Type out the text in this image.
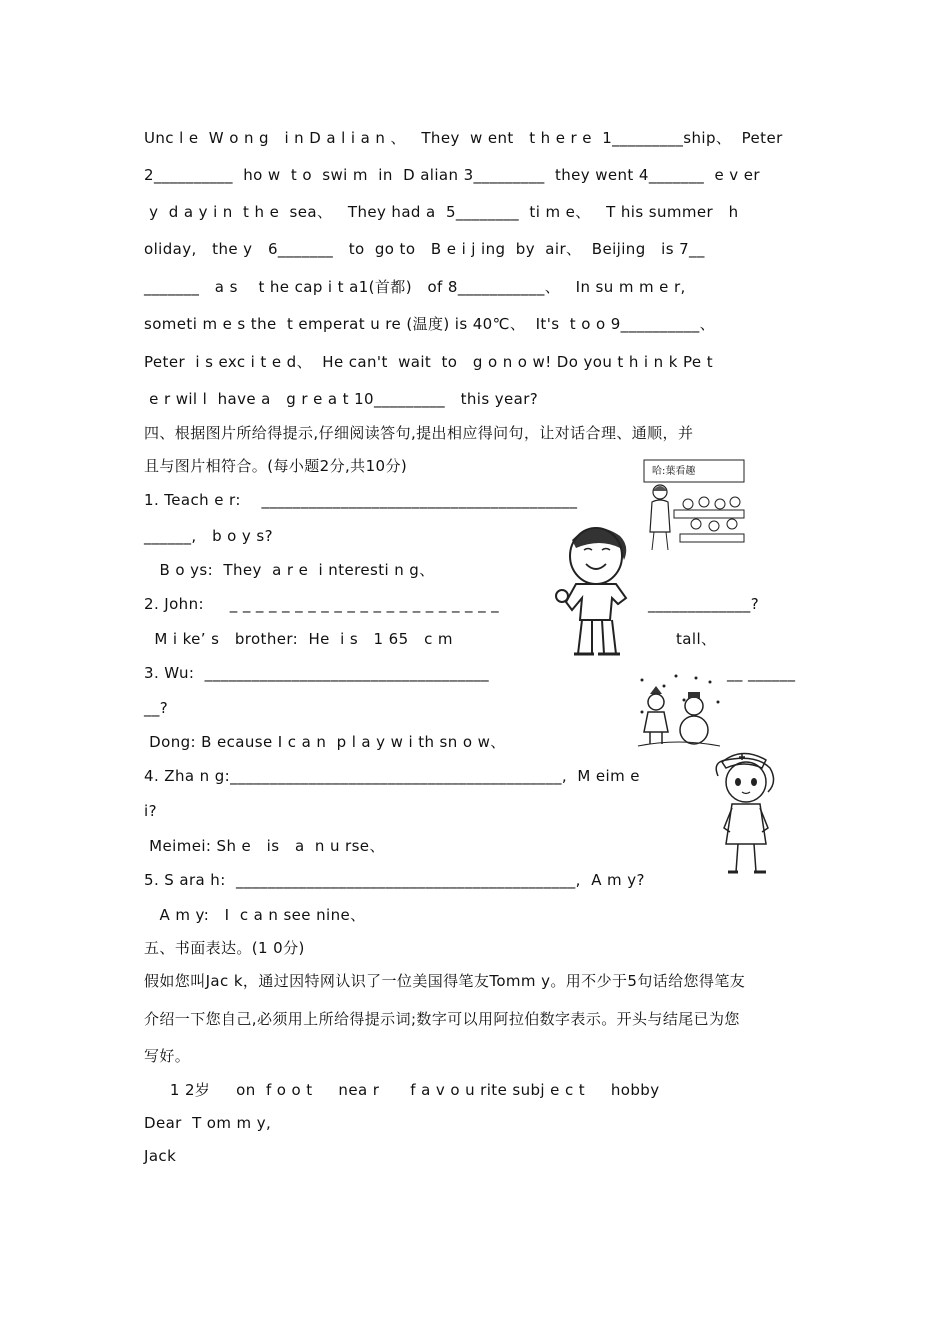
Unc l e  W o n g   i n D a l i a n 、   They  w ent   t h e r e  1_________ship、  Peter
2__________  ho w  t o  swi m  in  D alian 3_________  they went 4_______  e v er
y  d a y i n  t h e  sea、   They had a  5________  ti m e、   T his summer   h
oliday,   the y   6_______   to  go to   B e i j ing  by  air、  Beijing   is 7__
_______   a s    t he cap i t a1(首都)   of 8___________、   In su m m e r,
someti m e s the  t emperat u re (温度) is 40℃、  It's  t o o 9__________、
Peter  i s exc i t e d、  He can't  wait  to   g o n o w! Do you t h i n k Pe t
e r wil l  have a   g r e a t 10_________   this year?
四、根据图片所给得提示,仔细阅读答句,提出相应得问句，让对话合理、通顺，并
且与图片相符合。(每小题2分,共10分)
1. Teach e r:    ________________________________________
______,   b o y s?
B o ys:  They  a r e  i nteresti n g、
2. John:     _ _ _ _ _ _ _ _ _ _ _ _ _ _ _ _ _ _ _ _ _	_____________?
M i ke’ s   brother:  He  i s   1 65   c m	tall、
3. Wu:  ____________________________________	__ ______
__?
Dong: B ecause I c a n  p l a y w i th sn o w、
4. Zha n g:__________________________________________,  M eim e
i?
Meimei: Sh e   is   a  n u rse、
5. S ara h:  ___________________________________________,  A m y?
A m y:   I  c a n see nine、
五、书面表达。(1 0分)
假如您叫Jac k，通过因特网认识了一位美国得笔友Tomm y。用不少于5句话给您得笔友
介绍一下您自己,必须用上所给得提示词;数字可以用阿拉伯数字表示。开头与结尾已为您
写好。
1 2岁     on  f o o t     nea r      f a v o u rite subj e c t     hobby
Dear  T om m y,
Jack
哈:葉看趣
